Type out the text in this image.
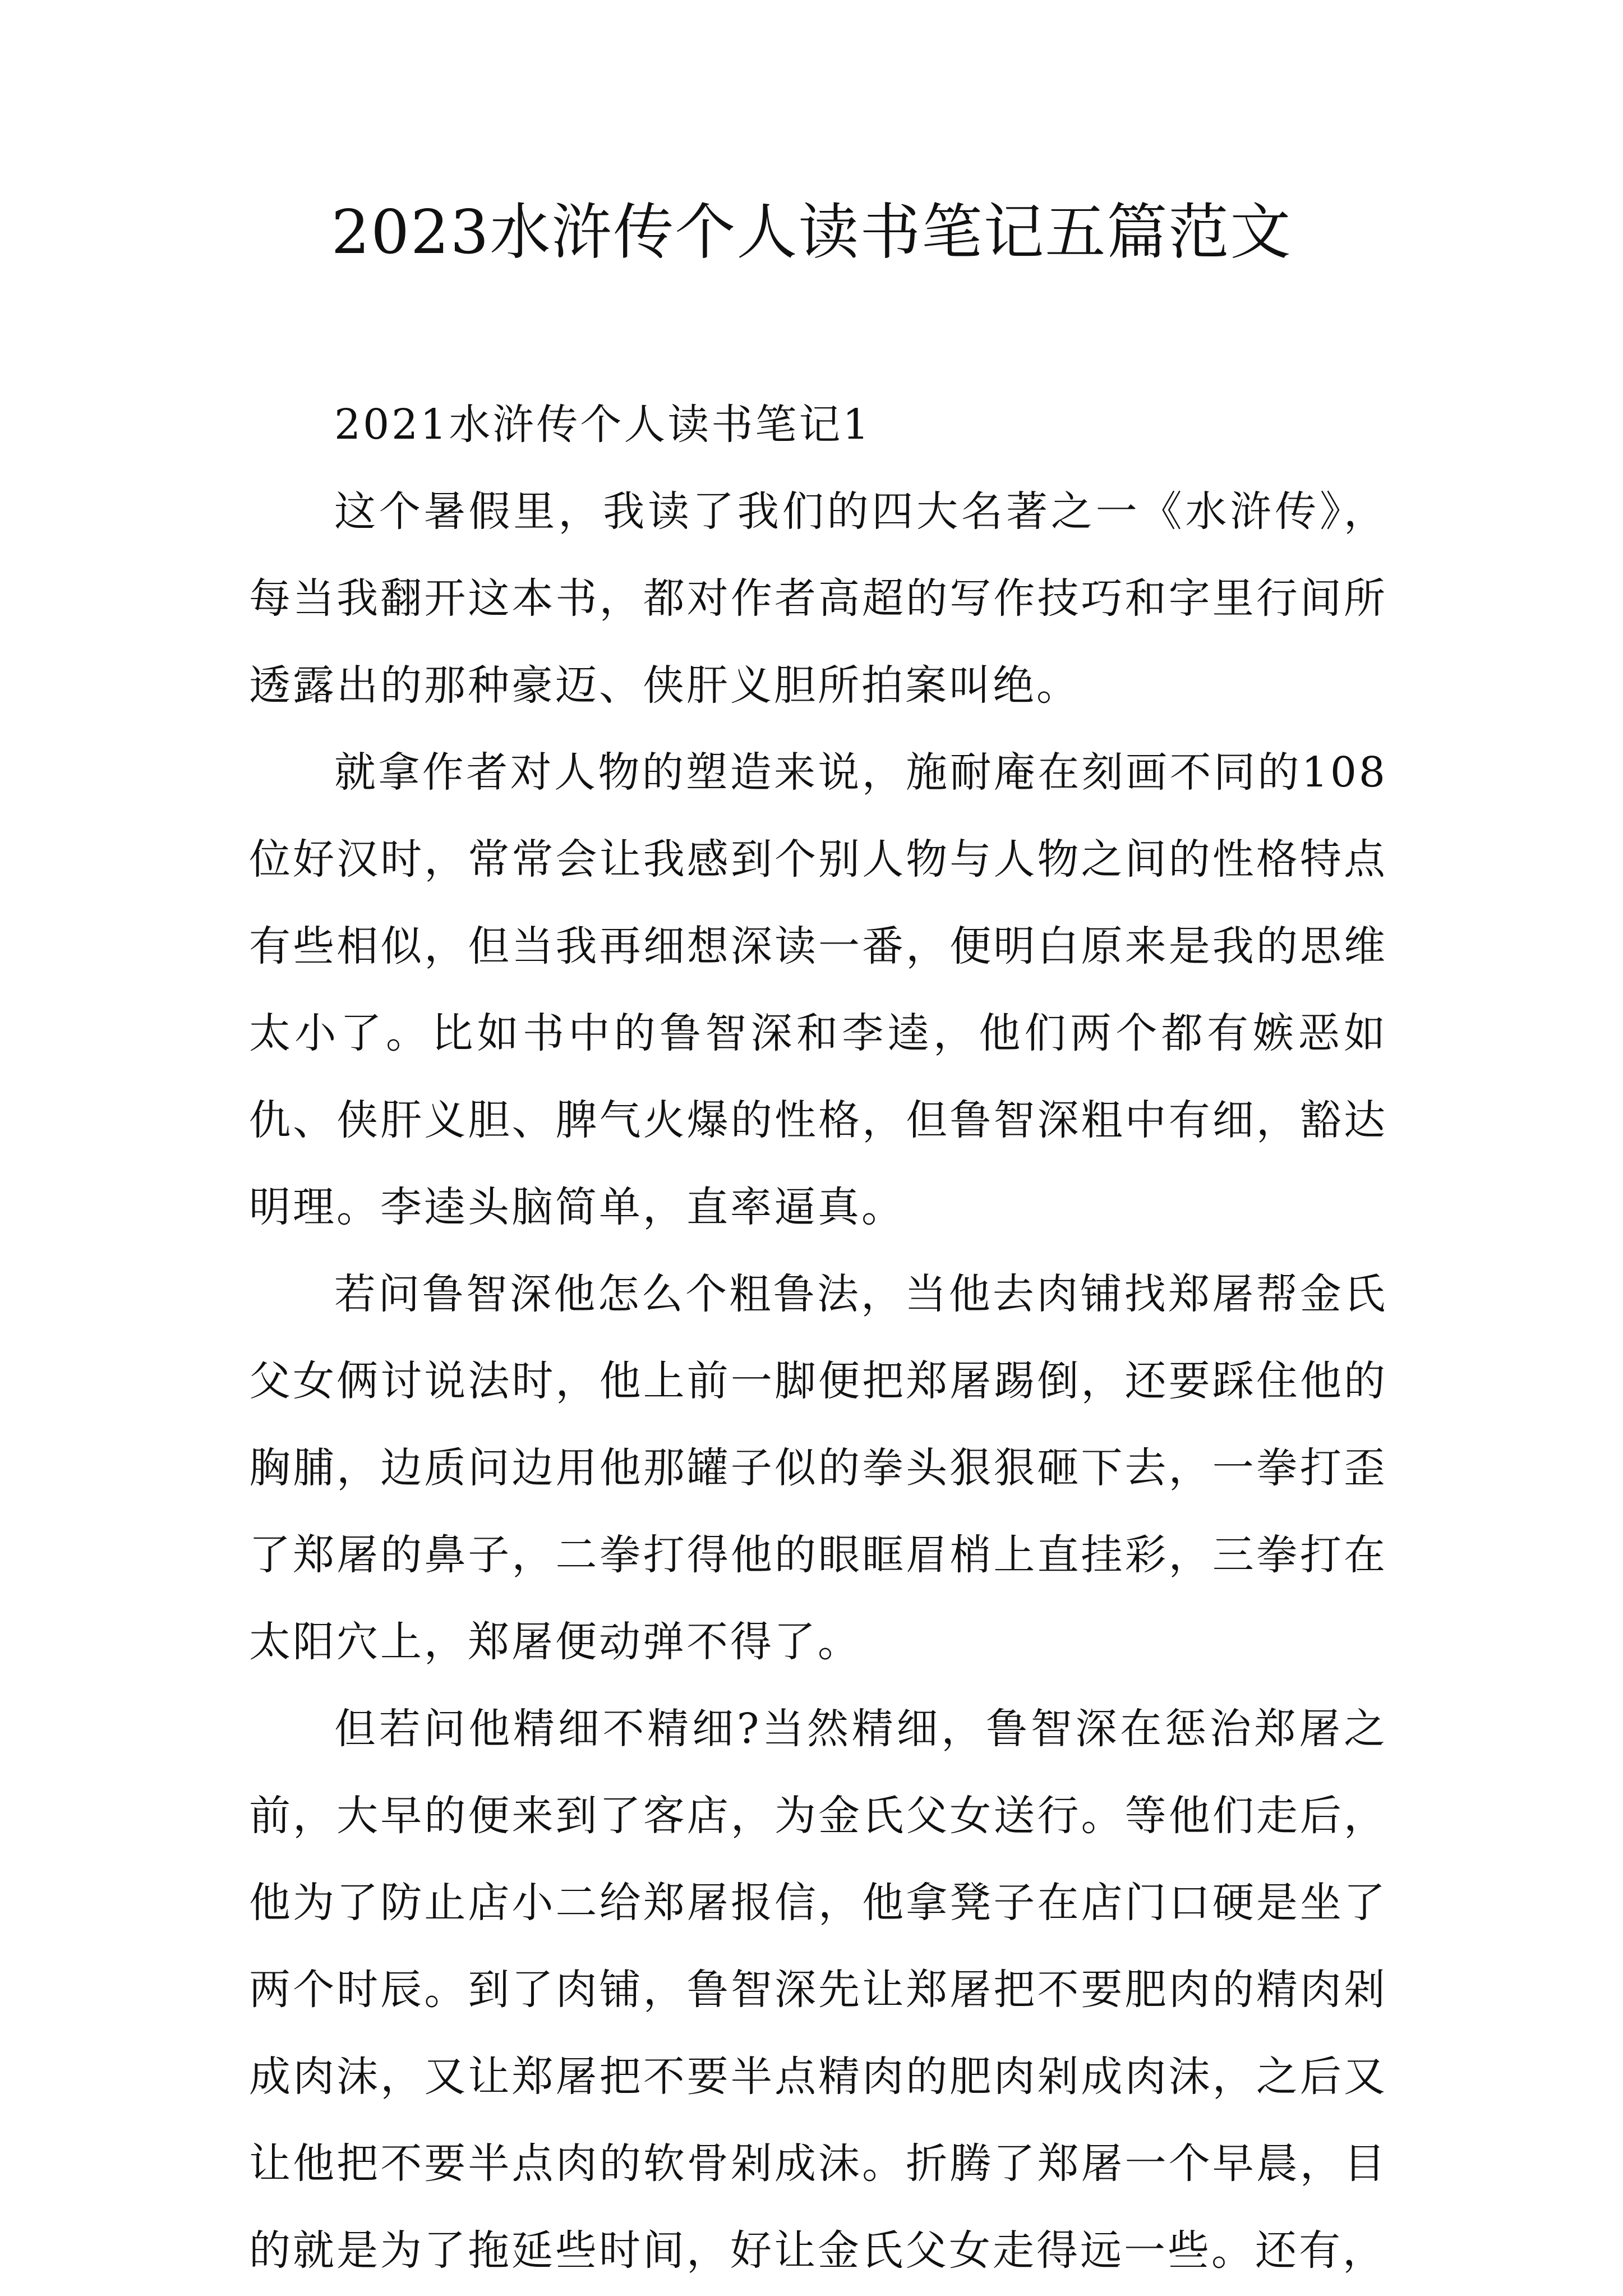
2023水浒传个人读书笔记五篇范文

2021水浒传个人读书笔记1

这个暑假里，我读了我们的四大名著之一《水浒传》，每当我翻开这本书，都对作者高超的写作技巧和字里行间所透露出的那种豪迈、侠肝义胆所拍案叫绝。

就拿作者对人物的塑造来说，施耐庵在刻画不同的108位好汉时，常常会让我感到个别人物与人物之间的性格特点有些相似，但当我再细想深读一番，便明白原来是我的思维太小了。比如书中的鲁智深和李逵，他们两个都有嫉恶如仇、侠肝义胆、脾气火爆的性格，但鲁智深粗中有细，豁达明理。李逵头脑简单，直率逼真。

若问鲁智深他怎么个粗鲁法，当他去肉铺找郑屠帮金氏父女俩讨说法时，他上前一脚便把郑屠踢倒，还要踩住他的胸脯，边质问边用他那罐子似的拳头狠狠砸下去，一拳打歪了郑屠的鼻子，二拳打得他的眼眶眉梢上直挂彩，三拳打在太阳穴上，郑屠便动弹不得了。

但若问他精细不精细?当然精细，鲁智深在惩治郑屠之前，大早的便来到了客店，为金氏父女送行。等他们走后，他为了防止店小二给郑屠报信，他拿凳子在店门口硬是坐了两个时辰。到了肉铺，鲁智深先让郑屠把不要肥肉的精肉剁成肉沫，又让郑屠把不要半点精肉的肥肉剁成肉沫，之后又让他把不要半点肉的软骨剁成沫。折腾了郑屠一个早晨，目的就是为了拖延些时间，好让金氏父女走得远一些。还有，
